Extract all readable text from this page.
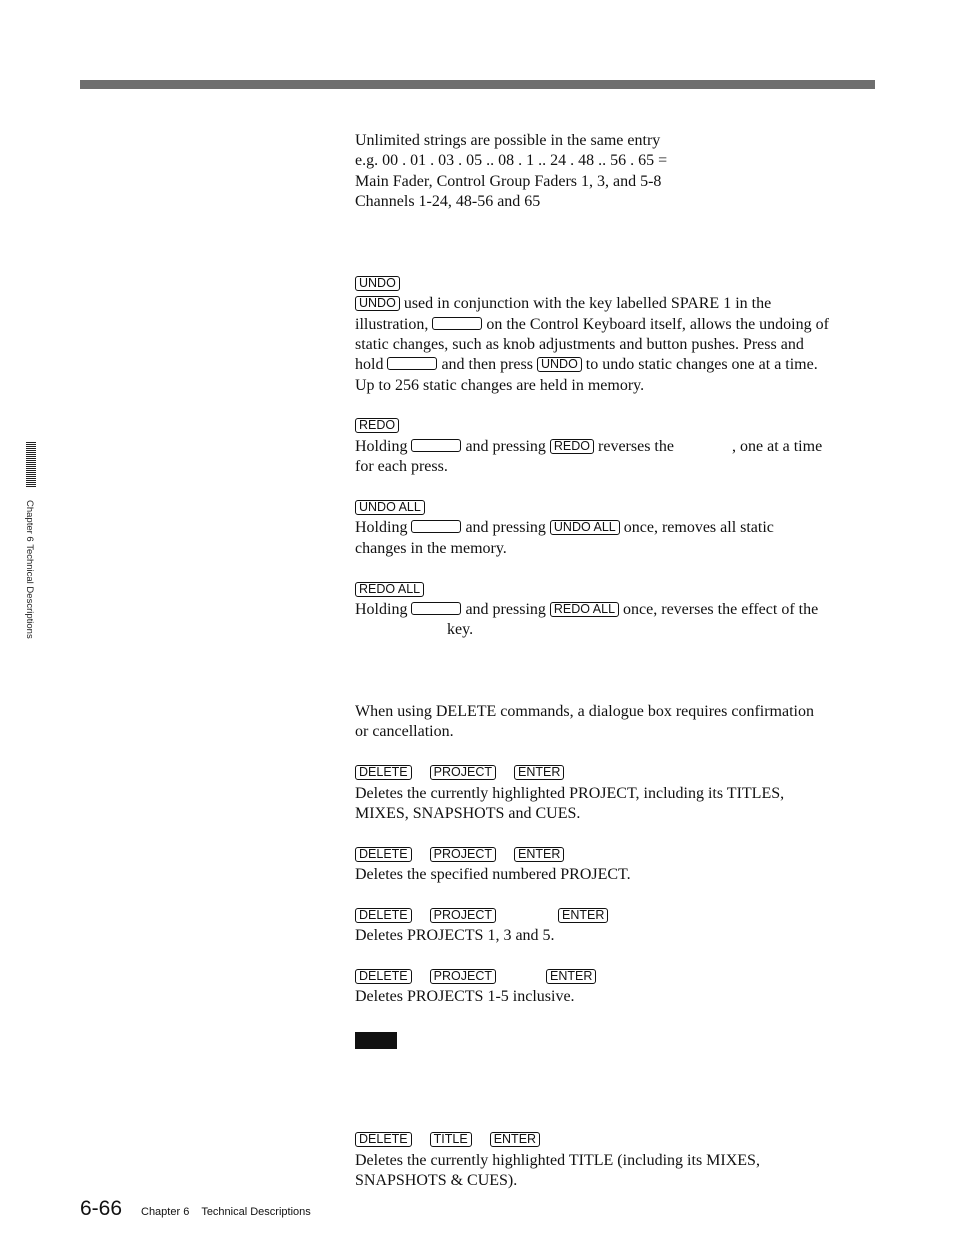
Chapter 6 Technical Descriptions
Unlimited strings are possible in the same entry
e.g. 00 . 01 . 03 . 05 .. 08 . 1 .. 24 . 48 .. 56 . 65 =
Main Fader, Control Group Faders 1, 3, and 5-8
Channels 1-24, 48-56 and 65
UNDO
UNDO used in conjunction with the key labelled SPARE 1 in the
illustration,	on the Control Keyboard itself, allows the undoing of
static changes, such as knob adjustments and button pushes. Press and
hold	and then press UNDO to undo static changes one at a time.
Up to 256 static changes are held in memory.
REDO
Holding	and pressing REDO reverses the	, one at a time
for each press.
UNDO ALL
Holding	and pressing UNDO ALL once, removes all static
changes in the memory.
REDO ALL
Holding	and pressing REDO ALL once, reverses the effect of the
key.
When using DELETE commands, a dialogue box requires confirmation
or cancellation.
DELETE PROJECT ENTER
Deletes the currently highlighted PROJECT, including its TITLES,
MIXES, SNAPSHOTS and CUES.
DELETE PROJECT ENTER
Deletes the specified numbered PROJECT.
DELETE PROJECT	ENTER
Deletes PROJECTS 1, 3 and 5.
DELETE PROJECT	ENTER
Deletes PROJECTS 1-5 inclusive.
DELETE TITLE ENTER
Deletes the currently highlighted TITLE (including its MIXES,
SNAPSHOTS & CUES).
6-66 Chapter 6 Technical Descriptions
